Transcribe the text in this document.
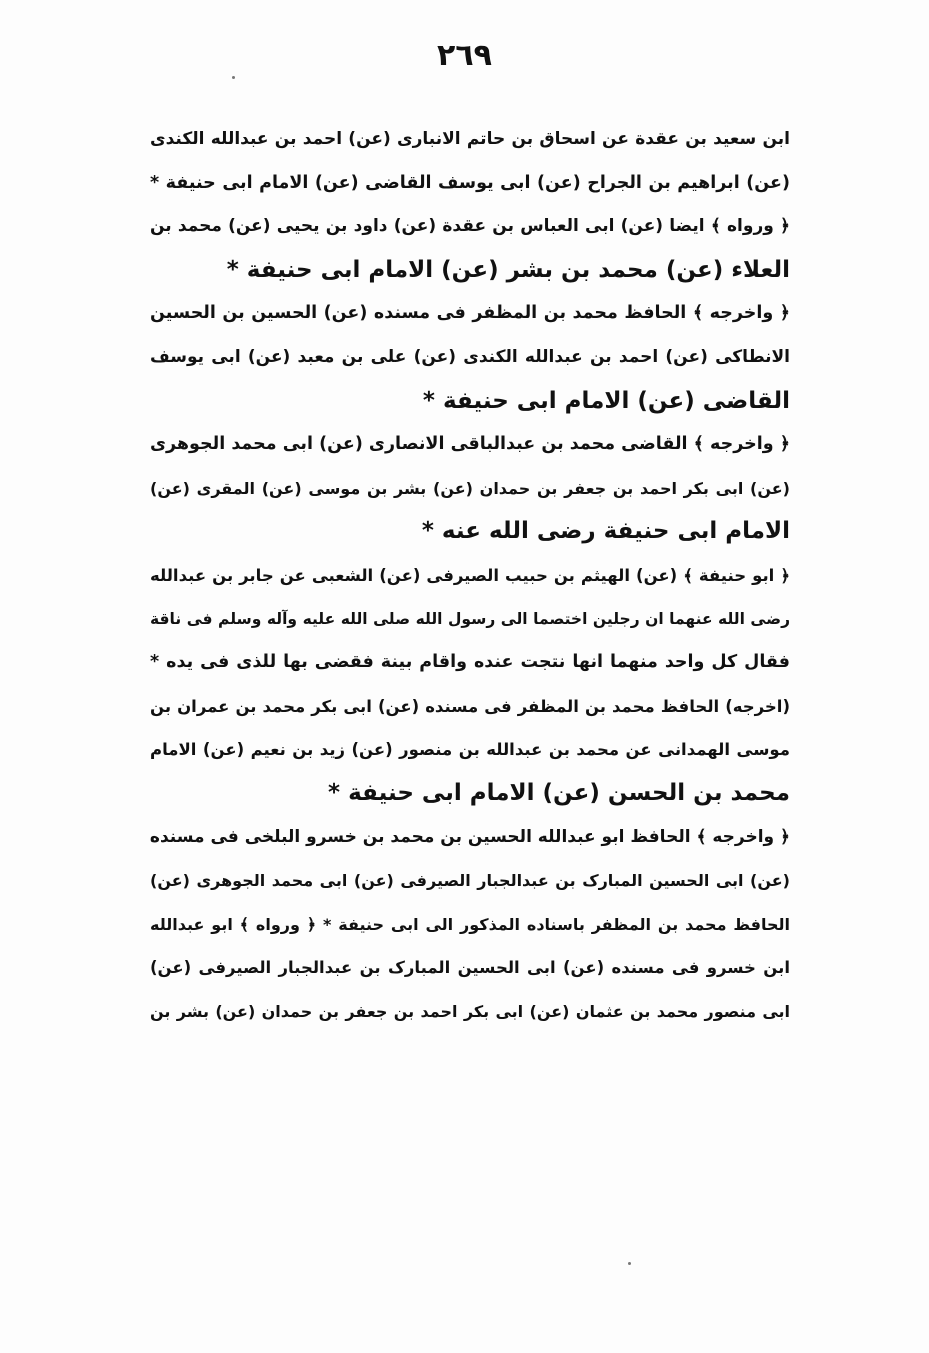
٢٦٩
ابن سعيد بن عقدة عن اسحاق بن حاتم الانباری (عن) احمد بن عبدالله الکندی
(عن) ابراهیم بن الجراح (عن) ابی یوسف القاضی (عن) الامام ابی حنیفة *
﴿ ورواه ﴾ ایضا (عن) ابی العباس بن عقدة (عن) داود بن یحیی (عن) محمد بن
العلاء (عن) محمد بن بشر (عن) الامام ابی حنیفة *
﴿ واخرجه ﴾ الحافظ محمد بن المظفر فی مسنده (عن) الحسین بن الحسین
الانطاکی (عن) احمد بن عبدالله الکندی (عن) علی بن معبد (عن) ابی یوسف
القاضی (عن) الامام ابی حنیفة *
﴿ واخرجه ﴾ القاضی محمد بن عبدالباقی الانصاری (عن) ابی محمد الجوهری
(عن) ابی بکر احمد بن جعفر بن حمدان (عن) بشر بن موسی (عن) المقری (عن)
الامام ابی حنیفة رضی الله عنه *
﴿ ابو حنیفة ﴾ (عن) الهیثم بن حبیب الصیرفی (عن) الشعبی عن جابر بن عبدالله
رضی الله عنهما ان رجلین اختصما الی رسول الله صلی الله علیه وآله وسلم فی ناقة
فقال کل واحد منهما انها نتجت عنده واقام بینة فقضی بها للذی فی یده *
(اخرجه) الحافظ محمد بن المظفر فی مسنده (عن) ابی بکر محمد بن عمران بن
موسی الهمدانی عن محمد بن عبدالله بن منصور (عن) زید بن نعیم (عن) الامام
محمد بن الحسن (عن) الامام ابی حنیفة *
﴿ واخرجه ﴾ الحافظ ابو عبدالله الحسین بن محمد بن خسرو البلخی فی مسنده
(عن) ابی الحسین المبارک بن عبدالجبار الصیرفی (عن) ابی محمد الجوهری (عن)
الحافظ محمد بن المظفر باسناده المذکور الی ابی حنیفة * ﴿ ورواه ﴾ ابو عبدالله
ابن خسرو فی مسنده (عن) ابی الحسین المبارک بن عبدالجبار الصیرفی (عن)
ابی منصور محمد بن عثمان (عن) ابی بکر احمد بن جعفر بن حمدان (عن) بشر بن
